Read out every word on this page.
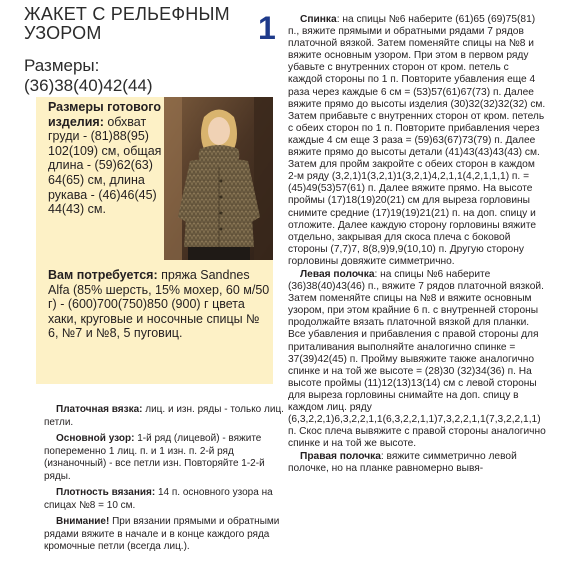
ЖАКЕТ С РЕЛЬЕФНЫМ УЗОРОМ
Размеры:
(36)38(40)42(44)
1
Размеры готового изделия: обхват груди - (81)88(95) 102(109) см, общая длина - (59)62(63) 64(65) см, длина рукава - (46)46(45) 44(43) см.
Вам потребуется: пряжа Sandnes Alfa (85% шерсть, 15% мохер, 60 м/50 г) - (600)700(750)850 (900) г цвета хаки, круговые и носочные спицы № 6, №7 и №8, 5 пуговиц.

Платочная вязка: лиц. и изн. ряды - только лиц. петли.

Основной узор: 1-й ряд (лицевой) - вяжите попеременно 1 лиц. п. и 1 изн. п. 2-й ряд (изнаночный) - все петли изн. Повторяйте 1-2-й ряды.

Плотность вязания: 14 п. основного узора на спицах №8 = 10 см.

Внимание! При вязании прямыми и обратными рядами вяжите в начале и в конце каждого ряда кромочные петли (всегда лиц.).

Спинка: на спицы №6 наберите (61)65 (69)75(81) п., вяжите прямыми и обратными рядами 7 рядов платочной вязкой. Затем поменяйте спицы на №8 и вяжите основным узором. При этом в первом ряду убавьте с внутренних сторон от кром. петель с каждой стороны по 1 п. Повторите убавления еще 4 раза через каждые 6 см = (53)57(61)67(73) п. Далее вяжите прямо до высоты изделия (30)32(32)32(32) см. Затем прибавьте с внутренних сторон от кром. петель с обеих сторон по 1 п. Повторите прибавления через каждые 4 см еще 3 раза = (59)63(67)73(79) п. Далее вяжите прямо до высоты детали (41)43(43)43(43) см. Затем для пройм закройте с обеих сторон в каждом 2-м ряду (3,2,1)1(3,2,1)1(3,2,1)4,2,1,1(4,2,1,1,1) п. = (45)49(53)57(61) п. Далее вяжите прямо. На высоте проймы (17)18(19)20(21) см для выреза горловины снимите средние (17)19(19)21(21) п. на доп. спицу и отложите. Далее каждую сторону горловины вяжите отдельно, закрывая для скоса плеча с боковой стороны (7,7)7, 8(8,9)9,9(10,10) п. Другую сторону горловины довяжите симметрично.

Левая полочка: на спицы №6 наберите (36)38(40)43(46) п., вяжите 7 рядов платочной вязкой. Затем поменяйте спицы на №8 и вяжите основным узором, при этом крайние 6 п. с внутренней стороны продолжайте вязать платочной вязкой для планки. Все убавления и прибавления с правой стороны для приталивания выполняйте аналогично спинке = 37(39)42(45) п. Пройму вывяжите также аналогично спинке и на той же высоте = (28)30 (32)34(36) п. На высоте проймы (11)12(13)13(14) см с левой стороны для выреза горловины снимайте на доп. спицу в каждом лиц. ряду (6,3,2,2,1)6,3,2,2,1,1(6,3,2,2,1,1)7,3,2,2,1,1(7,3,2,2,1,1) п. Скос плеча вывяжите с правой стороны аналогично спинке и на той же высоте.

Правая полочка: вяжите симметрично левой полочке, но на планке равномерно вывя-
